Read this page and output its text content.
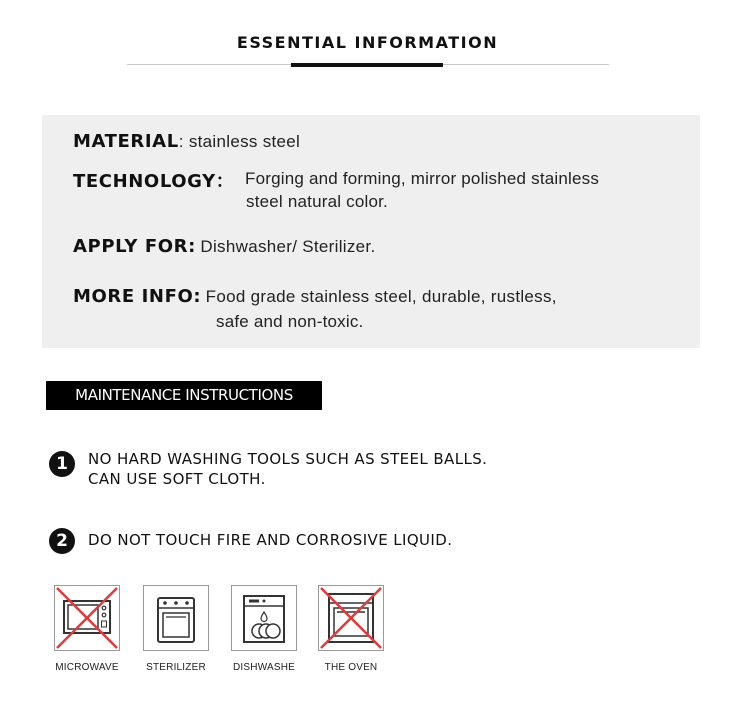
ESSENTIAL INFORMATION
MATERIAL: stainless steel
TECHNOLOGY： Forging and forming, mirror polished stainless
steel natural color.
APPLY FOR: Dishwasher/ Sterilizer.
MORE INFO: Food grade stainless steel, durable, rustless,
safe and non-toxic.
MAINTENANCE INSTRUCTIONS
1	NO HARD WASHING TOOLS SUCH AS STEEL BALLS.
CAN USE SOFT CLOTH.
2	DO NOT TOUCH FIRE AND CORROSIVE LIQUID.
MICROWAVE	STERILIZER	DISHWASHE	THE OVEN
